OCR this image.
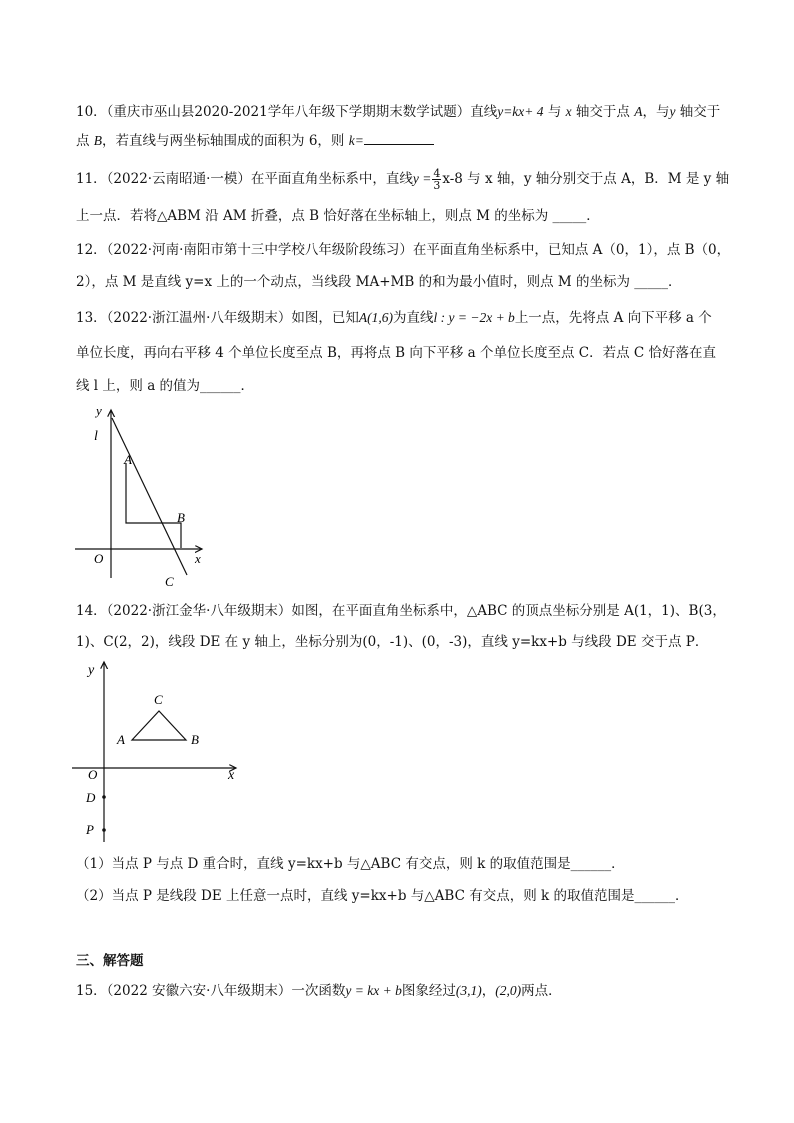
10．（重庆市巫山县2020-2021学年八年级下学期期末数学试题）直线y=kx+ 4 与 x 轴交于点 A，与y 轴交于
点 B，若直线与两坐标轴围成的面积为 6，则 k=
11．（2022·云南昭通·一模）在平面直角坐标系中，直线$y = \frac{4}{3} x-8$ 与 x 轴，y 轴分别交于点 A，B．M 是 y 轴
上一点．若将△ABM 沿 AM 折叠，点 B 恰好落在坐标轴上，则点 M 的坐标为 _____．
12．（2022·河南·南阳市第十三中学校八年级阶段练习）在平面直角坐标系中，已知点 A（0，1），点 B（0，
2），点 M 是直线 y=x 上的一个动点，当线段 MA+MB 的和为最小值时，则点 M 的坐标为 _____．
13．（2022·浙江温州·八年级期末）如图，已知A(1,6)为直线l : y = −2x + b上一点，先将点 A 向下平移 a 个
单位长度，再向右平移 4 个单位长度至点 B，再将点 B 向下平移 a 个单位长度至点 C．若点 C 恰好落在直
线 l 上，则 a 的值为______．
y
l
A
B
O	x
C
14．（2022·浙江金华·八年级期末）如图，在平面直角坐标系中，△ABC 的顶点坐标分别是 A(1，1)、B(3，
1)、C(2，2)，线段 DE 在 y 轴上，坐标分别为(0，-1)、(0，-3)，直线 y=kx+b 与线段 DE 交于点 P．
y
C
A	B
O	x
D
P
（1）当点 P 与点 D 重合时，直线 y=kx+b 与△ABC 有交点，则 k 的取值范围是______．
（2）当点 P 是线段 DE 上任意一点时，直线 y=kx+b 与△ABC 有交点，则 k 的取值范围是______．
三、解答题
15．（2022 安徽六安·八年级期末）一次函数y = kx + b图象经过(3,1)，(2,0)两点．
